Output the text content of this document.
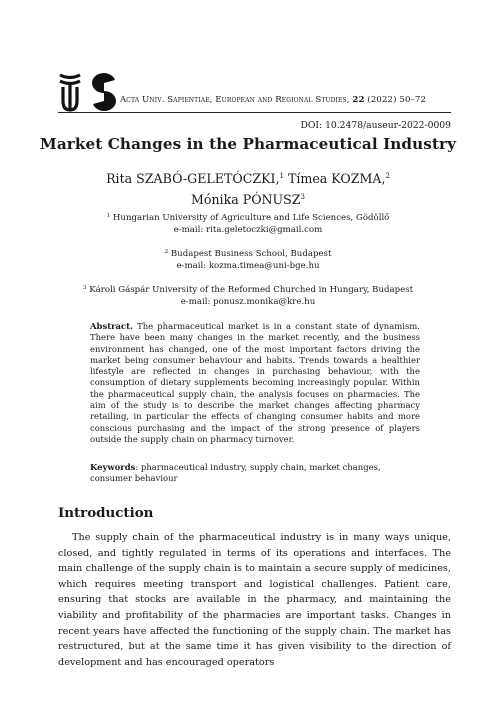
Acta Univ. Sapientiae, European and Regional Studies, 22 (2022) 50–72
DOI: 10.2478/auseur-2022-0009
Market Changes in the Pharmaceutical Industry
Rita SZABÓ-GELETÓCZKI,$^1$ Tímea KOZMA,$^2$
Mónika PÓNUSZ$^3$
$^1$ Hungarian University of Agriculture and Life Sciences, Gödöllő
e-mail: rita.geletoczki@gmail.com
$^2$ Budapest Business School, Budapest
e-mail: kozma.timea@uni-bge.hu
$^3$ Károli Gáspár University of the Reformed Churched in Hungary, Budapest
e-mail: ponusz.monika@kre.hu
Abstract. The pharmaceutical market is in a constant state of dynamism. There have been many changes in the market recently, and the business environment has changed, one of the most important factors driving the market being consumer behaviour and habits. Trends towards a healthier lifestyle are reflected in changes in purchasing behaviour, with the consumption of dietary supplements becoming increasingly popular. Within the pharmaceutical supply chain, the analysis focuses on pharmacies. The aim of the study is to describe the market changes affecting pharmacy retailing, in particular the effects of changing consumer habits and more conscious purchasing and the impact of the strong presence of players outside the supply chain on pharmacy turnover.
Keywords: pharmaceutical industry, supply chain, market changes, consumer behaviour
Introduction
The supply chain of the pharmaceutical industry is in many ways unique, closed, and tightly regulated in terms of its operations and interfaces. The main challenge of the supply chain is to maintain a secure supply of medicines, which requires meeting transport and logistical challenges. Patient care, ensuring that stocks are available in the pharmacy, and maintaining the viability and profitability of the pharmacies are important tasks. Changes in recent years have affected the functioning of the supply chain. The market has restructured, but at the same time it has given visibility to the direction of development and has encouraged operators
